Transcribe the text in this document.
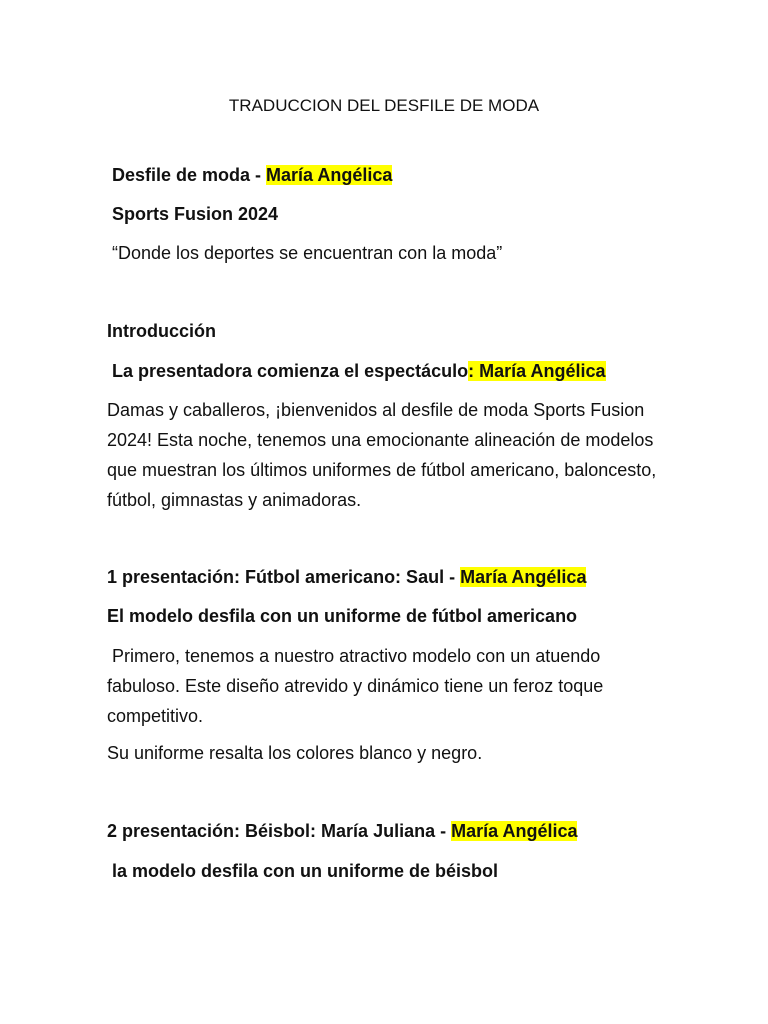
TRADUCCION DEL DESFILE DE MODA
Desfile de moda - María Angélica
Sports Fusion 2024
“Donde los deportes se encuentran con la moda”
Introducción
La presentadora comienza el espectáculo: María Angélica
Damas y caballeros, ¡bienvenidos al desfile de moda Sports Fusion 2024! Esta noche, tenemos una emocionante alineación de modelos que muestran los últimos uniformes de fútbol americano, baloncesto, fútbol, gimnastas y animadoras.
1 presentación: Fútbol americano: Saul - María Angélica
El modelo desfila con un uniforme de fútbol americano
Primero, tenemos a nuestro atractivo modelo con un atuendo fabuloso. Este diseño atrevido y dinámico tiene un feroz toque competitivo.
Su uniforme resalta los colores blanco y negro.
2 presentación: Béisbol: María Juliana - María Angélica
la modelo desfila con un uniforme de béisbol
